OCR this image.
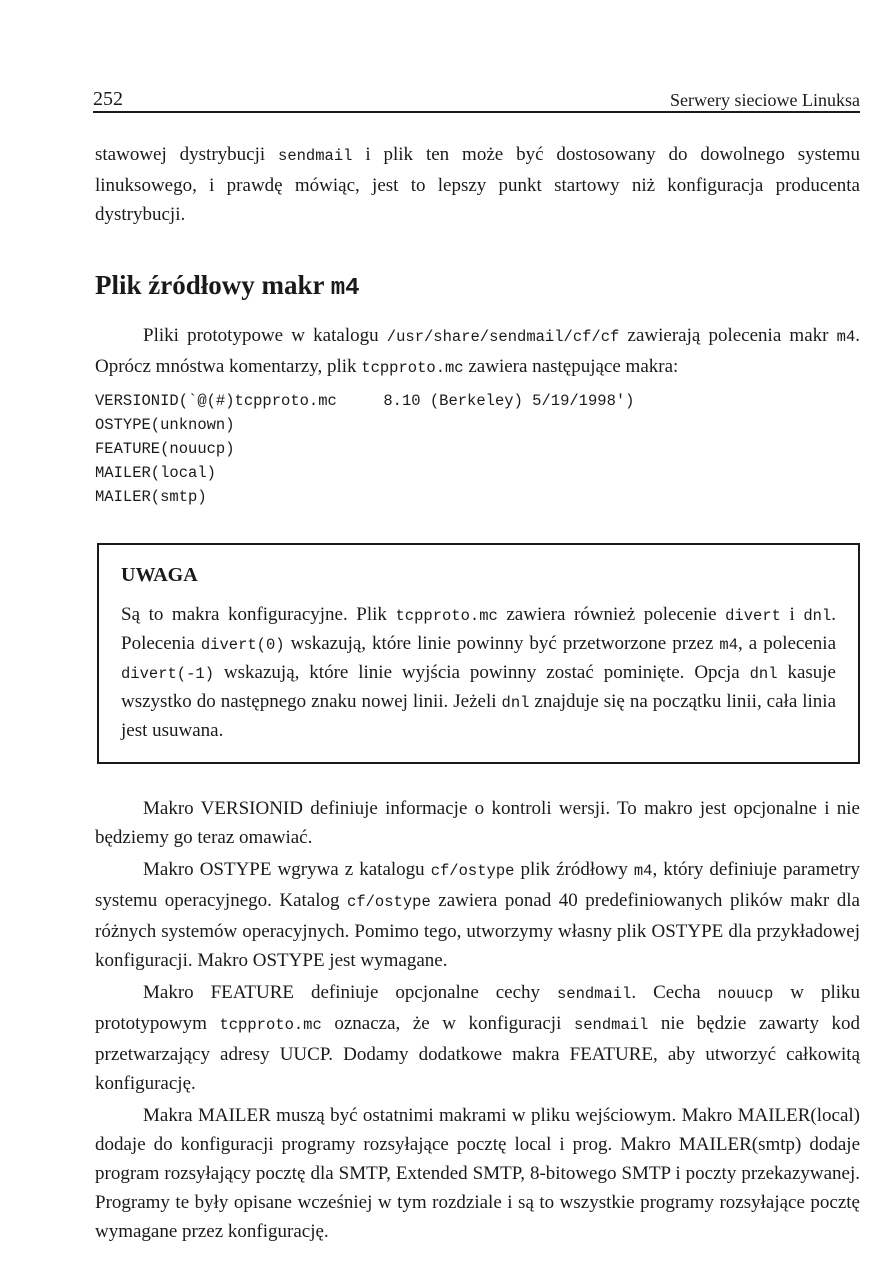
252	Serwery sieciowe Linuksa

stawowej dystrybucji sendmail i plik ten może być dostosowany do dowolnego systemu linuksowego, i prawdę mówiąc, jest to lepszy punkt startowy niż konfiguracja producenta dystrybucji.

Plik źródłowy makr m4

Pliki prototypowe w katalogu /usr/share/sendmail/cf/cf zawierają polecenia makr m4. Oprócz mnóstwa komentarzy, plik tcpproto.mc zawiera następujące makra:

VERSIONID(`@(#)tcpproto.mc     8.10 (Berkeley) 5/19/1998')
OSTYPE(unknown)
FEATURE(nouucp)
MAILER(local)
MAILER(smtp)
UWAGA

Są to makra konfiguracyjne. Plik tcpproto.mc zawiera również polecenie divert i dnl. Polecenia divert(0) wskazują, które linie powinny być przetworzone przez m4, a polecenia divert(-1) wskazują, które linie wyjścia powinny zostać pominięte. Opcja dnl kasuje wszystko do następnego znaku nowej linii. Jeżeli dnl znajduje się na początku linii, cała linia jest usuwana.

Makro VERSIONID definiuje informacje o kontroli wersji. To makro jest opcjonalne i nie będziemy go teraz omawiać.

Makro OSTYPE wgrywa z katalogu cf/ostype plik źródłowy m4, który definiuje parametry systemu operacyjnego. Katalog cf/ostype zawiera ponad 40 predefiniowanych plików makr dla różnych systemów operacyjnych. Pomimo tego, utworzymy własny plik OSTYPE dla przykładowej konfiguracji. Makro OSTYPE jest wymagane.

Makro FEATURE definiuje opcjonalne cechy sendmail. Cecha nouucp w pliku prototypowym tcpproto.mc oznacza, że w konfiguracji sendmail nie będzie zawarty kod przetwarzający adresy UUCP. Dodamy dodatkowe makra FEATURE, aby utworzyć całkowitą konfigurację.

Makra MAILER muszą być ostatnimi makrami w pliku wejściowym. Makro MAILER(local) dodaje do konfiguracji programy rozsyłające pocztę local i prog. Makro MAILER(smtp) dodaje program rozsyłający pocztę dla SMTP, Extended SMTP, 8-bitowego SMTP i poczty przekazywanej. Programy te były opisane wcześniej w tym rozdziale i są to wszystkie programy rozsyłające pocztę wymagane przez konfigurację.
